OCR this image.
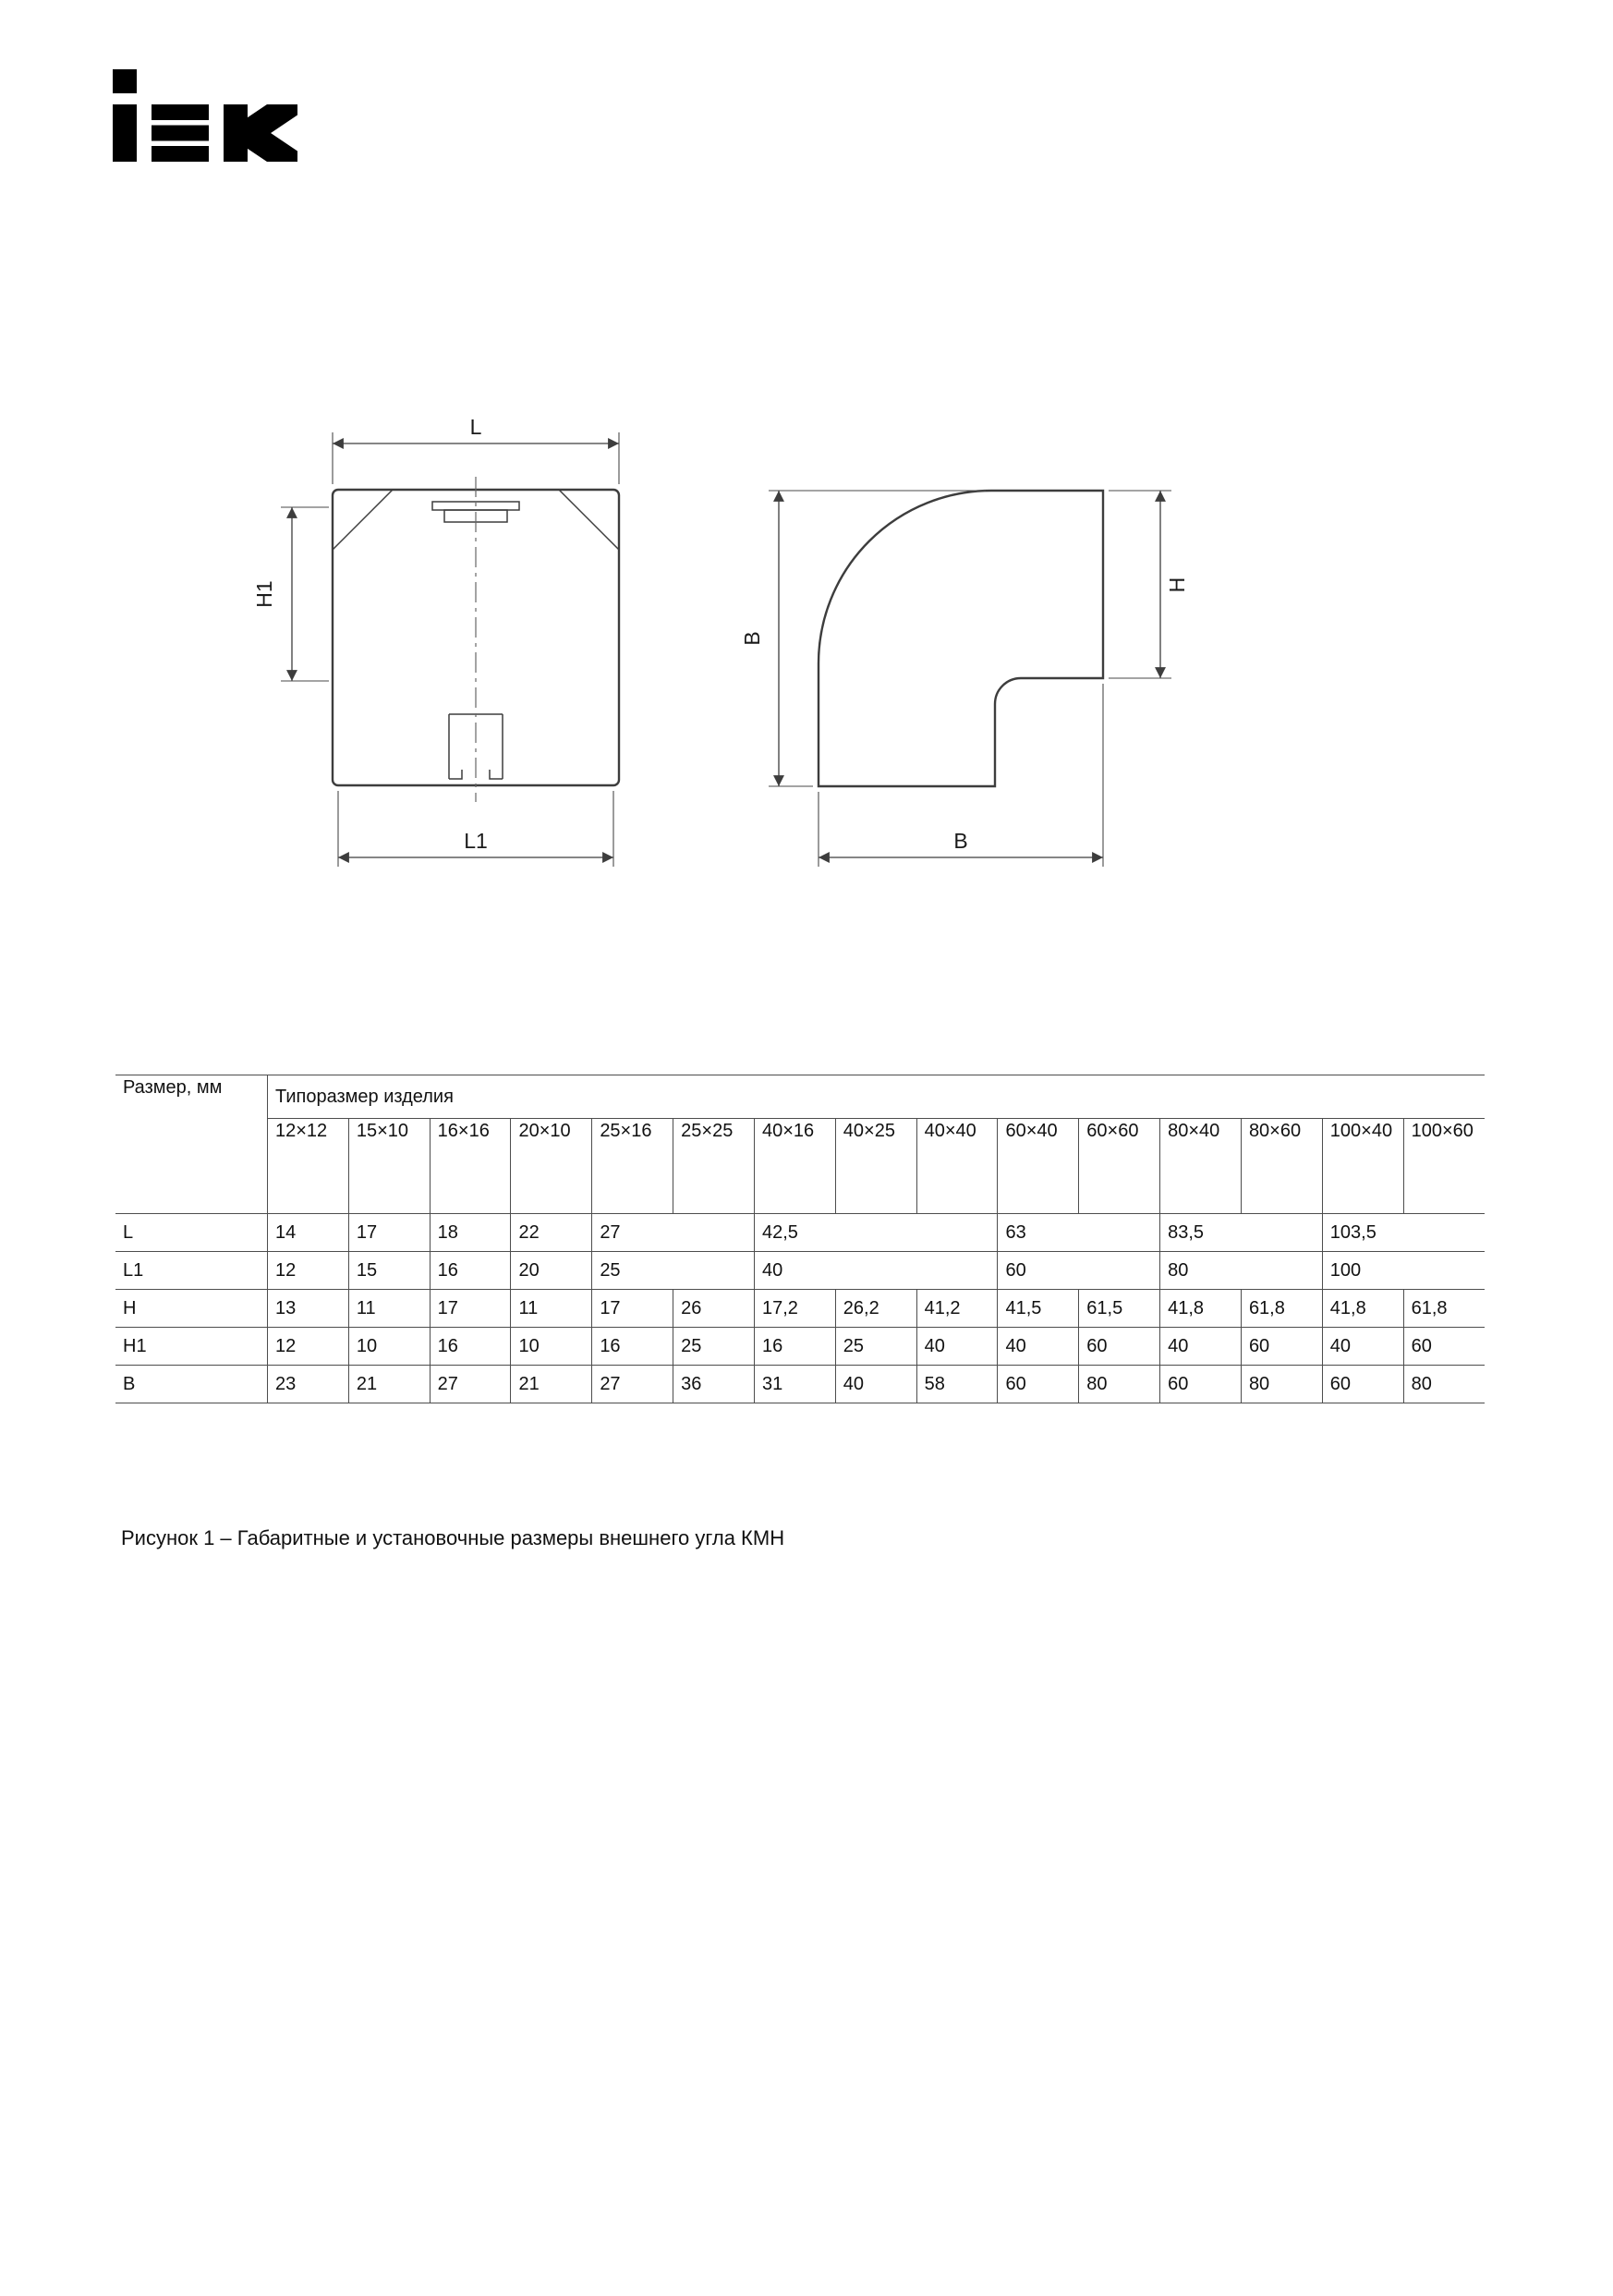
L
H1
L1
B
H
B
Размер, мм	Типоразмер изделия														
	12×12	15×10	16×16	20×10	25×16	25×25	40×16	40×25	40×40	60×40	60×60	80×40	80×60	100×40	100×60
L	14	17	18	22	27		42,5			63		83,5		103,5	
L1	12	15	16	20	25		40			60		80		100	
H	13	11	17	11	17	26	17,2	26,2	41,2	41,5	61,5	41,8	61,8	41,8	61,8
H1	12	10	16	10	16	25	16	25	40	40	60	40	60	40	60
B	23	21	27	21	27	36	31	40	58	60	80	60	80	60	80
Рисунок 1 – Габаритные и установочные размеры внешнего угла КМН
